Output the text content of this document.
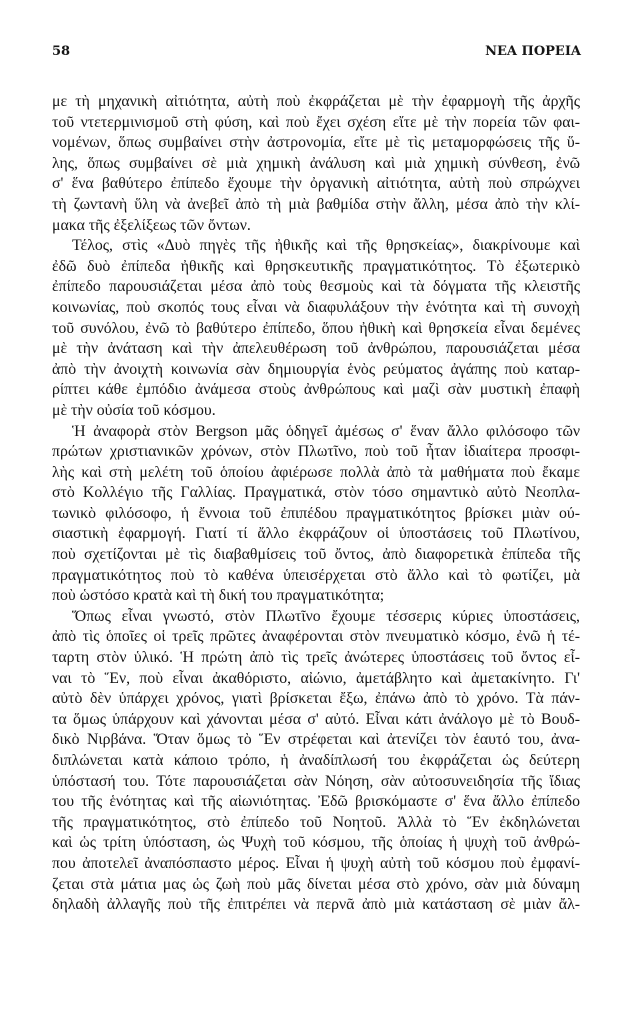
58	ΝΕΑ ΠΟΡΕΙΑ
με τὴ μηχανικὴ αἰτιότητα, αὐτὴ ποὺ ἐκφράζεται μὲ τὴν ἐφαρμογὴ τῆς ἀρχῆς
τοῦ ντετερμινισμοῦ στὴ φύση, καὶ ποὺ ἔχει σχέση εἴτε μὲ τὴν πορεία τῶν φαι-
νομένων, ὅπως συμβαίνει στὴν ἀστρονομία, εἴτε μὲ τὶς μεταμορφώσεις τῆς ὕ-
λης, ὅπως συμβαίνει σὲ μιὰ χημικὴ ἀνάλυση καὶ μιὰ χημικὴ σύνθεση, ἐνῶ
σ' ἕνα βαθύτερο ἐπίπεδο ἔχουμε τὴν ὀργανικὴ αἰτιότητα, αὐτὴ ποὺ σπρώχνει
τὴ ζωντανὴ ὕλη νὰ ἀνεβεῖ ἀπὸ τὴ μιὰ βαθμίδα στὴν ἄλλη, μέσα ἀπὸ τὴν κλί-
μακα τῆς ἐξελίξεως τῶν ὄντων.
Τέλος, στὶς «Δυὸ πηγὲς τῆς ἠθικῆς καὶ τῆς θρησκείας», διακρίνουμε καὶ
ἐδῶ δυὸ ἐπίπεδα ἠθικῆς καὶ θρησκευτικῆς πραγματικότητος. Τὸ ἐξωτερικὸ
ἐπίπεδο παρουσιάζεται μέσα ἀπὸ τοὺς θεσμοὺς καὶ τὰ δόγματα τῆς κλειστῆς
κοινωνίας, ποὺ σκοπός τους εἶναι νὰ διαφυλάξουν τὴν ἑνότητα καὶ τὴ συνοχὴ
τοῦ συνόλου, ἐνῶ τὸ βαθύτερο ἐπίπεδο, ὅπου ἠθικὴ καὶ θρησκεία εἶναι δεμένες
μὲ τὴν ἀνάταση καὶ τὴν ἀπελευθέρωση τοῦ ἀνθρώπου, παρουσιάζεται μέσα
ἀπὸ τὴν ἀνοιχτὴ κοινωνία σὰν δημιουργία ἑνὸς ρεύματος ἀγάπης ποὺ καταρ-
ρίπτει κάθε ἐμπόδιο ἀνάμεσα στοὺς ἀνθρώπους καὶ μαζὶ σὰν μυστικὴ ἐπαφὴ
μὲ τὴν οὐσία τοῦ κόσμου.
Ἡ ἀναφορὰ στὸν Bergson μᾶς ὁδηγεῖ ἀμέσως σ' ἕναν ἄλλο φιλόσοφο τῶν
πρώτων χριστιανικῶν χρόνων, στὸν Πλωτῖνο, ποὺ τοῦ ἦταν ἰδιαίτερα προσφι-
λὴς καὶ στὴ μελέτη τοῦ ὁποίου ἀφιέρωσε πολλὰ ἀπὸ τὰ μαθήματα ποὺ ἔκαμε
στὸ Κολλέγιο τῆς Γαλλίας. Πραγματικά, στὸν τόσο σημαντικὸ αὐτὸ Νεοπλα-
τωνικὸ φιλόσοφο, ἡ ἔννοια τοῦ ἐπιπέδου πραγματικότητος βρίσκει μιὰν ού-
σιαστικὴ ἐφαρμογή. Γιατί τί ἄλλο ἐκφράζουν οἱ ὑποστάσεις τοῦ Πλωτίνου,
ποὺ σχετίζονται μὲ τὶς διαβαθμίσεις τοῦ ὄντος, ἀπὸ διαφορετικὰ ἐπίπεδα τῆς
πραγματικότητος ποὺ τὸ καθένα ὑπεισέρχεται στὸ ἄλλο καὶ τὸ φωτίζει, μὰ
ποὺ ὡστόσο κρατὰ καὶ τὴ δική του πραγματικότητα;
Ὅπως εἶναι γνωστό, στὸν Πλωτῖνο ἔχουμε τέσσερις κύριες ὑποστάσεις,
ἀπὸ τὶς ὁποῖες οἱ τρεῖς πρῶτες ἀναφέρονται στὸν πνευματικὸ κόσμο, ἐνῶ ἡ τέ-
ταρτη στὸν ὑλικό. Ἡ πρώτη ἀπὸ τὶς τρεῖς ἀνώτερες ὑποστάσεις τοῦ ὄντος εἶ-
ναι τὸ Ἕν, ποὺ εἶναι ἀκαθόριστο, αἰώνιο, ἀμετάβλητο καὶ ἀμετακίνητο. Γι'
αὐτὸ δὲν ὑπάρχει χρόνος, γιατὶ βρίσκεται ἔξω, ἐπάνω ἀπὸ τὸ χρόνο. Τὰ πάν-
τα ὅμως ὑπάρχουν καὶ χάνονται μέσα σ' αὐτό. Εἶναι κάτι ἀνάλογο μὲ τὸ Βουδ-
δικὸ Νιρβάνα. Ὅταν ὅμως τὸ Ἕν στρέφεται καὶ ἀτενίζει τὸν ἑαυτό του, ἀνα-
διπλώνεται κατὰ κάποιο τρόπο, ἡ ἀναδίπλωσή του ἐκφράζεται ὡς δεύτερη
ὑπόστασή του. Τότε παρουσιάζεται σὰν Νόηση, σὰν αὐτοσυνειδησία τῆς ἴδιας
του τῆς ἑνότητας καὶ τῆς αἰωνιότητας. Ἐδῶ βρισκόμαστε σ' ἕνα ἄλλο ἐπίπεδο
τῆς πραγματικότητος, στὸ ἐπίπεδο τοῦ Νοητοῦ. Ἀλλὰ τὸ Ἕν ἐκδηλώνεται
καὶ ὡς τρίτη ὑπόσταση, ὡς Ψυχὴ τοῦ κόσμου, τῆς ὁποίας ἡ ψυχὴ τοῦ ἀνθρώ-
που ἀποτελεῖ ἀναπόσπαστο μέρος. Εἶναι ἡ ψυχὴ αὐτὴ τοῦ κόσμου ποὺ ἐμφανί-
ζεται στὰ μάτια μας ὡς ζωὴ ποὺ μᾶς δίνεται μέσα στὸ χρόνο, σὰν μιὰ δύναμη
δηλαδὴ ἀλλαγῆς ποὺ τῆς ἐπιτρέπει νὰ περνᾶ ἀπὸ μιὰ κατάσταση σὲ μιὰν ἄλ-
